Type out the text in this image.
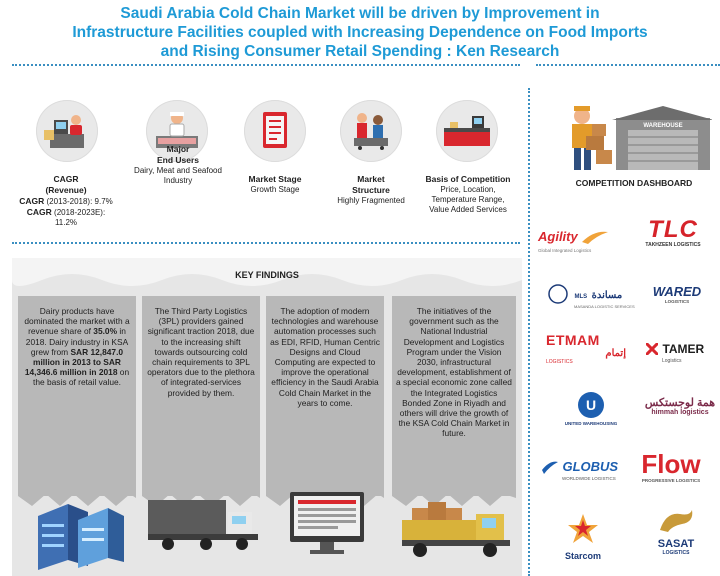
Saudi Arabia Cold Chain Market will be driven by Improvement in
Infrastructure Facilities coupled with Increasing Dependence on Food Imports
and Rising Consumer Retail Spending : Ken Research
CAGR
(Revenue)
CAGR (2013-2018): 9.7%
CAGR (2018-2023E):
11.2%
Major
End Users
Dairy, Meat and Seafood
Industry	Market Stage
Growth Stage
Market
Structure
Highly Fragmented
Basis of Competition
Price, Location,
Temperature Range,
Value Added Services
KEY FINDINGS
Dairy products have dominated the market with a revenue share of 35.0% in 2018. Dairy industry in KSA grew from SAR 12,847.0 million in 2013 to SAR 14,346.6 million in 2018 on the basis of retail value.
The Third Party Logistics (3PL) providers gained significant traction 2018, due to the increasing shift towards outsourcing cold chain requirements to 3PL operators due to the plethora of integrated-services provided by them.
The adoption of modern technologies and warehouse automation processes such as EDI, RFID, Human Centric Designs and Cloud Computing are expected to improve the operational efficiency in the Saudi Arabia Cold Chain Market in the years to come.
The initiatives of the government such as the National Industrial Development and Logistics Program under the Vision 2030, infrastructural development, establishment of a special economic zone called the Integrated Logistics Bonded Zone in Riyadh and others will drive the growth of the KSA Cold Chain Market in future.
WAREHOUSE
COMPETITION DASHBOARD
Agility
Global Integrated Logistics
TLC
TAKHZEEN LOGISTICS
MLS مساندة
MASANDA LOGISTIC SERVICES
WARED
LOGISTICS
ETMAM
إتمام
LOGISTICS
TAMER
Logistics
U
UNITED WAREHOUSING
همة لوجستكس
himmah logistics
GLOBUS
WORLDWIDE LOGISTICS Flow
PROGRESSIVE LOGISTICS
Starcom
SASAT
LOGISTICS
